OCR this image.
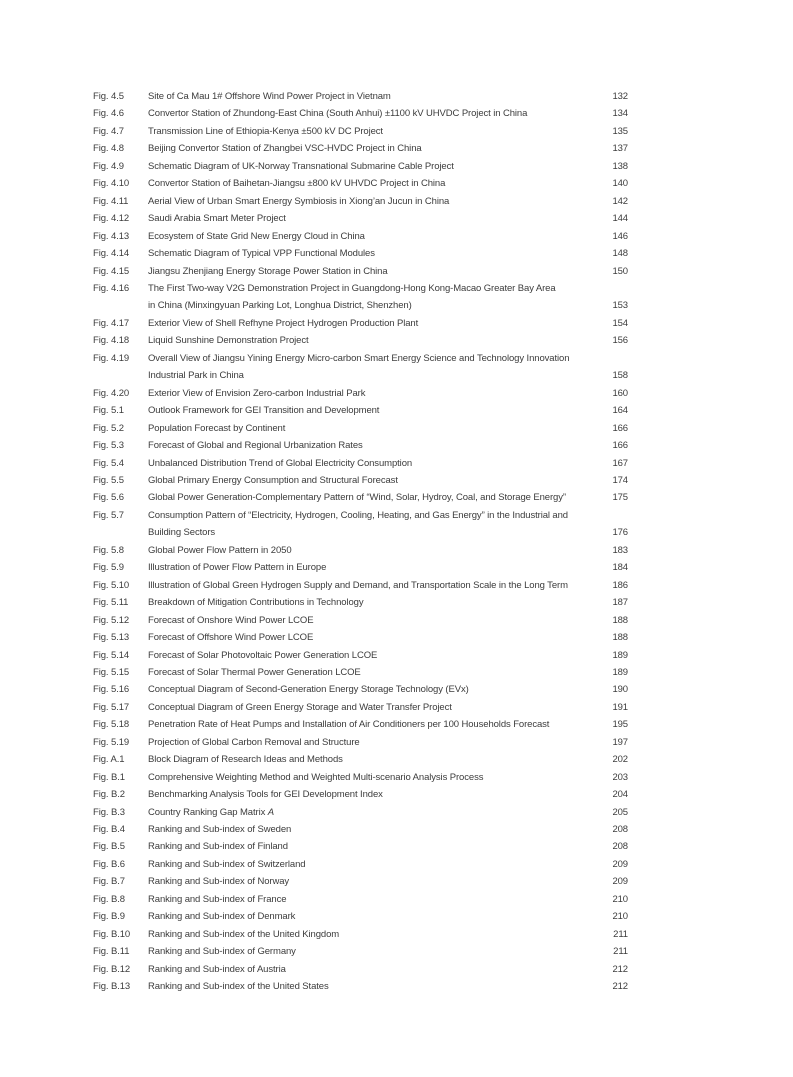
Fig. 4.5	Site of Ca Mau 1# Offshore Wind Power Project in Vietnam	132
Fig. 4.6	Convertor Station of Zhundong-East China (South Anhui) ±1100 kV UHVDC Project in China	134
Fig. 4.7	Transmission Line of Ethiopia-Kenya ±500 kV DC Project	135
Fig. 4.8	Beijing Convertor Station of Zhangbei VSC-HVDC Project in China	137
Fig. 4.9	Schematic Diagram of UK-Norway Transnational Submarine Cable Project	138
Fig. 4.10	Convertor Station of Baihetan-Jiangsu ±800 kV UHVDC Project in China	140
Fig. 4.11	Aerial View of Urban Smart Energy Symbiosis in Xiong’an Jucun in China	142
Fig. 4.12	Saudi Arabia Smart Meter Project	144
Fig. 4.13	Ecosystem of State Grid New Energy Cloud in China	146
Fig. 4.14	Schematic Diagram of Typical VPP Functional Modules	148
Fig. 4.15	Jiangsu Zhenjiang Energy Storage Power Station in China	150
Fig. 4.16	The First Two-way V2G Demonstration Project in Guangdong-Hong Kong-Macao Greater Bay Area
in China (Minxingyuan Parking Lot, Longhua District, Shenzhen)	153
Fig. 4.17	Exterior View of Shell Refhyne Project Hydrogen Production Plant	154
Fig. 4.18	Liquid Sunshine Demonstration Project	156
Fig. 4.19	Overall View of Jiangsu Yining Energy Micro-carbon Smart Energy Science and Technology Innovation
Industrial Park in China	158
Fig. 4.20	Exterior View of Envision Zero-carbon Industrial Park	160
Fig. 5.1	Outlook Framework for GEI Transition and Development	164
Fig. 5.2	Population Forecast by Continent	166
Fig. 5.3	Forecast of Global and Regional Urbanization Rates	166
Fig. 5.4	Unbalanced Distribution Trend of Global Electricity Consumption	167
Fig. 5.5	Global Primary Energy Consumption and Structural Forecast	174
Fig. 5.6	Global Power Generation-Complementary Pattern of “Wind, Solar, Hydroy, Coal, and Storage Energy”	175
Fig. 5.7	Consumption Pattern of “Electricity, Hydrogen, Cooling, Heating, and Gas Energy” in the Industrial and
Building Sectors	176
Fig. 5.8	Global Power Flow Pattern in 2050	183
Fig. 5.9	Illustration of Power Flow Pattern in Europe	184
Fig. 5.10	Illustration of Global Green Hydrogen Supply and Demand, and Transportation Scale in the Long Term	186
Fig. 5.11	Breakdown of Mitigation Contributions in Technology	187
Fig. 5.12	Forecast of Onshore Wind Power LCOE	188
Fig. 5.13	Forecast of Offshore Wind Power LCOE	188
Fig. 5.14	Forecast of Solar Photovoltaic Power Generation LCOE	189
Fig. 5.15	Forecast of Solar Thermal Power Generation LCOE	189
Fig. 5.16	Conceptual Diagram of Second-Generation Energy Storage Technology (EVx)	190
Fig. 5.17	Conceptual Diagram of Green Energy Storage and Water Transfer Project	191
Fig. 5.18	Penetration Rate of Heat Pumps and Installation of Air Conditioners per 100 Households Forecast	195
Fig. 5.19	Projection of Global Carbon Removal and Structure	197
Fig. A.1	Block Diagram of Research Ideas and Methods	202
Fig. B.1	Comprehensive Weighting Method and Weighted Multi-scenario Analysis Process	203
Fig. B.2	Benchmarking Analysis Tools for GEI Development Index	204
Fig. B.3	Country Ranking Gap Matrix A	205
Fig. B.4	Ranking and Sub-index of Sweden	208
Fig. B.5	Ranking and Sub-index of Finland	208
Fig. B.6	Ranking and Sub-index of Switzerland	209
Fig. B.7	Ranking and Sub-index of Norway	209
Fig. B.8	Ranking and Sub-index of France	210
Fig. B.9	Ranking and Sub-index of Denmark	210
Fig. B.10	Ranking and Sub-index of the United Kingdom	211
Fig. B.11	Ranking and Sub-index of Germany	211
Fig. B.12	Ranking and Sub-index of Austria	212
Fig. B.13	Ranking and Sub-index of the United States	212
